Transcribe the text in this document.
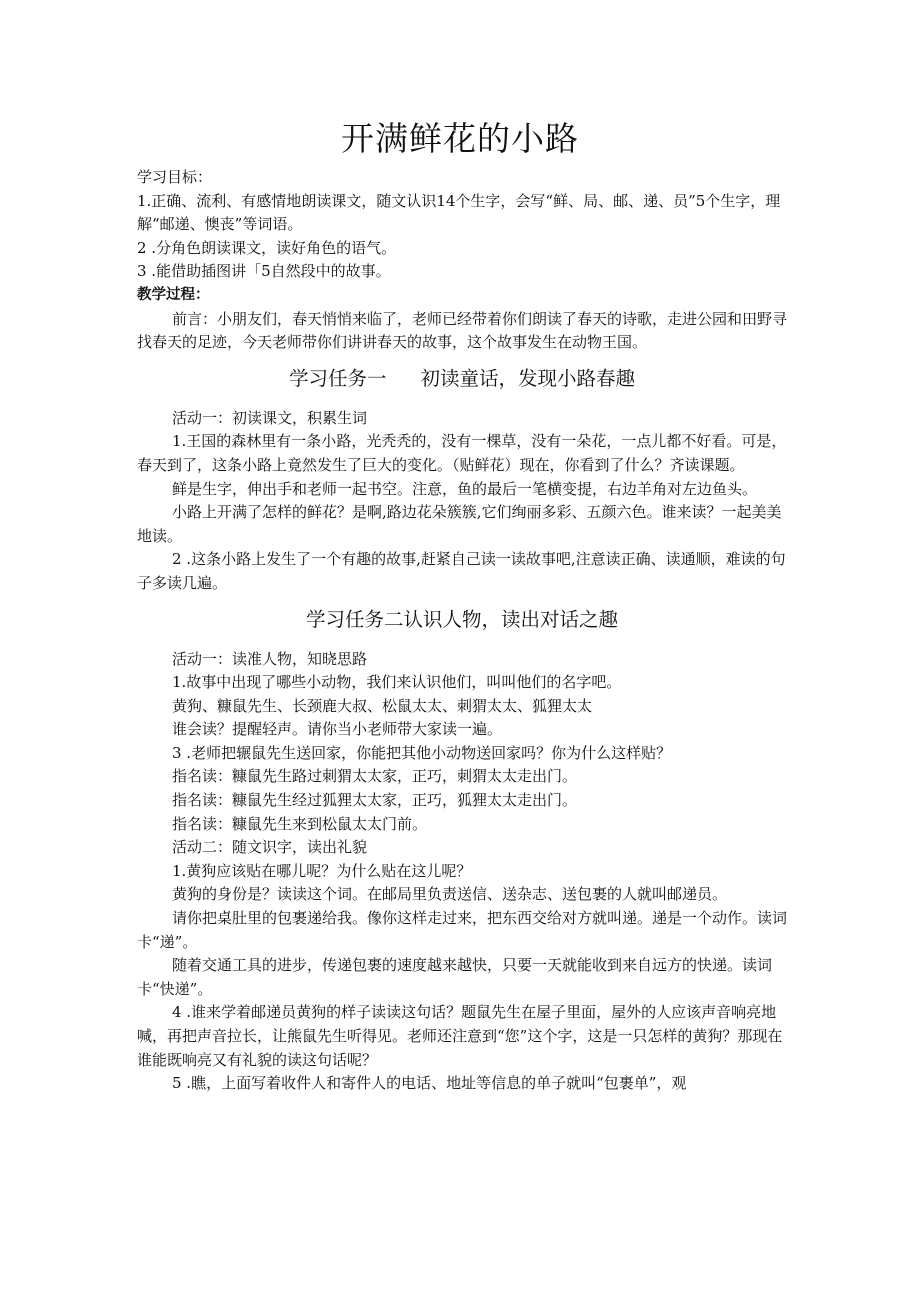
开满鲜花的小路

学习目标：

1.正确、流利、有感情地朗读课文，随文认识14个生字，会写“鲜、局、邮、递、员”5个生字，理解“邮递、懊丧”等词语。

2 .分角色朗读课文，读好角色的语气。

3 .能借助插图讲「5自然段中的故事。

教学过程：

前言：小朋友们，春天悄悄来临了，老师已经带着你们朗读了春天的诗歌，走进公园和田野寻找春天的足迹，今天老师带你们讲讲春天的故事，这个故事发生在动物王国。

学习任务一 初读童话，发现小路春趣

活动一：初读课文，积累生词

1.王国的森林里有一条小路，光秃秃的，没有一棵草，没有一朵花，一点儿都不好看。可是，春天到了，这条小路上竟然发生了巨大的变化。（贴鲜花）现在，你看到了什么？齐读课题。

鲜是生字，伸出手和老师一起书空。注意，鱼的最后一笔横变提，右边羊角对左边鱼头。

小路上开满了怎样的鲜花？是啊,路边花朵簇簇,它们绚丽多彩、五颜六色。谁来读？一起美美地读。

2 .这条小路上发生了一个有趣的故事,赶紧自己读一读故事吧,注意读正确、读通顺，难读的句子多读几遍。

学习任务二认识人物，读出对话之趣

活动一：读准人物，知晓思路

1.故事中出现了哪些小动物，我们来认识他们，叫叫他们的名字吧。

黄狗、糠鼠先生、长颈鹿大叔、松鼠太太、刺猬太太、狐狸太太

谁会读？提醒轻声。请你当小老师带大家读一遍。

3 .老师把辗鼠先生送回家，你能把其他小动物送回家吗？你为什么这样贴？

指名读：糠鼠先生路过刺猬太太家，正巧，刺猬太太走出门。

指名读：糠鼠先生经过狐狸太太家，正巧，狐狸太太走出门。

指名读：糠鼠先生来到松鼠太太门前。

活动二：随文识字，读出礼貌

1.黄狗应该贴在哪儿呢？为什么贴在这儿呢？

黄狗的身份是？读读这个词。在邮局里负责送信、送杂志、送包裹的人就叫邮递员。

请你把桌肚里的包裹递给我。像你这样走过来，把东西交给对方就叫递。递是一个动作。读词卡“递”。

随着交通工具的进步，传递包裹的速度越来越快，只要一天就能收到来自远方的快递。读词卡“快递”。

4 .谁来学着邮递员黄狗的样子读读这句话？题鼠先生在屋子里面，屋外的人应该声音响亮地喊，再把声音拉长，让熊鼠先生听得见。老师还注意到“您”这个字，这是一只怎样的黄狗？那现在谁能既响亮又有礼貌的读这句话呢？

5 .瞧，上面写着收件人和寄件人的电话、地址等信息的单子就叫“包裹单”，观
